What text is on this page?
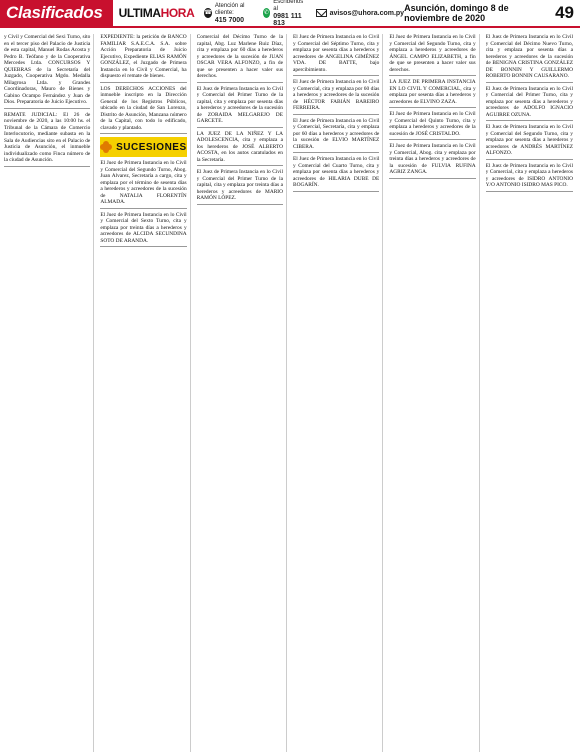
Clasificados	ULTIMAHORA ☎
Atención al cliente:
415 7000
✆
Escríbenos al
0981 111 813
avisos@uhora.com.py Asunción, domingo 8 de noviembre de 2020	49

y Civil y Comercial del Sexi Turno, sito en el tercer piso del Palacio de Justicia de esta capital, Manuel Rodas Acosta y Pedro B. Teófano y de la Cooperativa Mercedes Ltda. CONCURSOS Y QUIEBRAS de la Secretaría del Juzgado, Cooperativa Mgdo. Medalla Milagrosa Ltda. y Grandes Coordinadoras, Mauro de Bienes y Gabino Ocampo Fernández y Juan de Dios. Preparatoria de Juicio Ejecutivo.

REMATE JUDICIAL: El 26 de noviembre de 2020, a las 10:00 hs. el Tribunal de la Cámara de Comercio Interlocutorio, mediante subasta en la Sala de Audiencias sito en el Palacio de Justicia de Asunción, el inmueble individualizado como Finca número de la ciudad de Asunción.

EXPEDIENTE: la petición de BANCO FAMILIAR S.A.E.C.A. S.A. sobre Acción Preparatoria de Juicio Ejecutivo, Expediente ELIAS RAMÓN GONZÁLEZ, el Juzgado de Primera Instancia en lo Civil y Comercial, ha dispuesto el remate de bienes.

LOS DERECHOS ACCIONES del inmueble inscripto en la Dirección General de los Registros Públicos, ubicado en la ciudad de San Lorenzo, Distrito de Asunción, Manzana número de la Capital, con todo lo edificado, clavado y plantado.

SUCESIONES

El Juez de Primera Instancia en lo Civil y Comercial del Segundo Turno, Abog. Juan Alvarez, Secretaría a cargo, cita y emplaza por el término de sesenta días a herederos y acreedores de la sucesión de NATALIA FLORENTÍN ALMADA.

El Juez de Primera Instancia en lo Civil y Comercial del Sexto Turno, cita y emplaza por treinta días a herederos y acreedores de ALCIDA SECUNDINA SOTO DE ARANDA.

Comercial del Décimo Turno de la capital, Abg. Luz Marlene Ruiz Díaz, cita y emplaza por 60 días a herederos y acreedores de la sucesión de JUAN OSCAR VERA ALFONZO, a fin de que se presenten a hacer valer sus derechos.

El Juez de Primera Instancia en lo Civil y Comercial del Primer Turno de la capital, cita y emplaza por sesenta días a herederos y acreedores de la sucesión de ZORAIDA MELGAREJO DE GARCETE.

LA JUEZ DE LA NIÑEZ Y LA ADOLESCENCIA, cita y emplaza a los herederos de JOSÉ ALBERTO ACOSTA, en los autos caratulados en la Secretaría.

El Juez de Primera Instancia en lo Civil y Comercial del Primer Turno de la capital, cita y emplaza por treinta días a herederos y acreedores de MARIO RAMÓN LÓPEZ.

El Juez de Primera Instancia en lo Civil y Comercial del Séptimo Turno, cita y emplaza por sesenta días a herederos y acreedores de ANGELINA GIMÉNEZ VDA. DE BATTE, bajo apercibimiento.

El Juez de Primera Instancia en lo Civil y Comercial, cita y emplaza por 60 días a herederos y acreedores de la sucesión de HÉCTOR FABIÁN BAREIRO FERREIRA.

El Juez de Primera Instancia en lo Civil y Comercial, Secretaría, cita y emplaza por 60 días a herederos y acreedores de la sucesión de ELVIO MARTÍNEZ CIBERA.

El Juez de Primera Instancia en lo Civil y Comercial del Cuarto Turno, cita y emplaza por sesenta días a herederos y acreedores de HILARIA DUBE DE BOGARÍN.

El Juez de Primera Instancia en lo Civil y Comercial del Segundo Turno, cita y emplaza a herederos y acreedores de ÁNGEL CAMPO ELIZABETH, a fin de que se presenten a hacer valer sus derechos.

LA JUEZ DE PRIMERA INSTANCIA EN LO CIVIL Y COMERCIAL, cita y emplaza por sesenta días a herederos y acreedores de ELVINO ZAZA.

El Juez de Primera Instancia en lo Civil y Comercial del Quinto Turno, cita y emplaza a herederos y acreedores de la sucesión de JOSÉ CRISTALDO.

El Juez de Primera Instancia en lo Civil y Comercial, Abog. cita y emplaza por treinta días a herederos y acreedores de la sucesión de FULVIA RUFINA AGRIZ ZANGA.

El Juez de Primera Instancia en lo Civil y Comercial del Décimo Nuevo Turno, cita y emplaza por sesenta días a herederos y acreedores de la sucesión de BENIGNA CRISTINA GONZÁLEZ DE BONNIN Y GUILLERMO ROBERTO BONNIN CAUSARANO.

El Juez de Primera Instancia en lo Civil y Comercial del Primer Turno, cita y emplaza por sesenta días a herederos y acreedores de ADOLFO IGNACIO AGUIRRE OZUNA.

El Juez de Primera Instancia en lo Civil y Comercial del Segundo Turno, cita y emplaza por sesenta días a herederos y acreedores de ANDRÉS MARTÍNEZ ALFONZO.

El Juez de Primera Instancia en lo Civil y Comercial, cita y emplaza a herederos y acreedores de ISIDRO ANTONIO Y/O ANTONIO ISIDRO MAS PICO.
